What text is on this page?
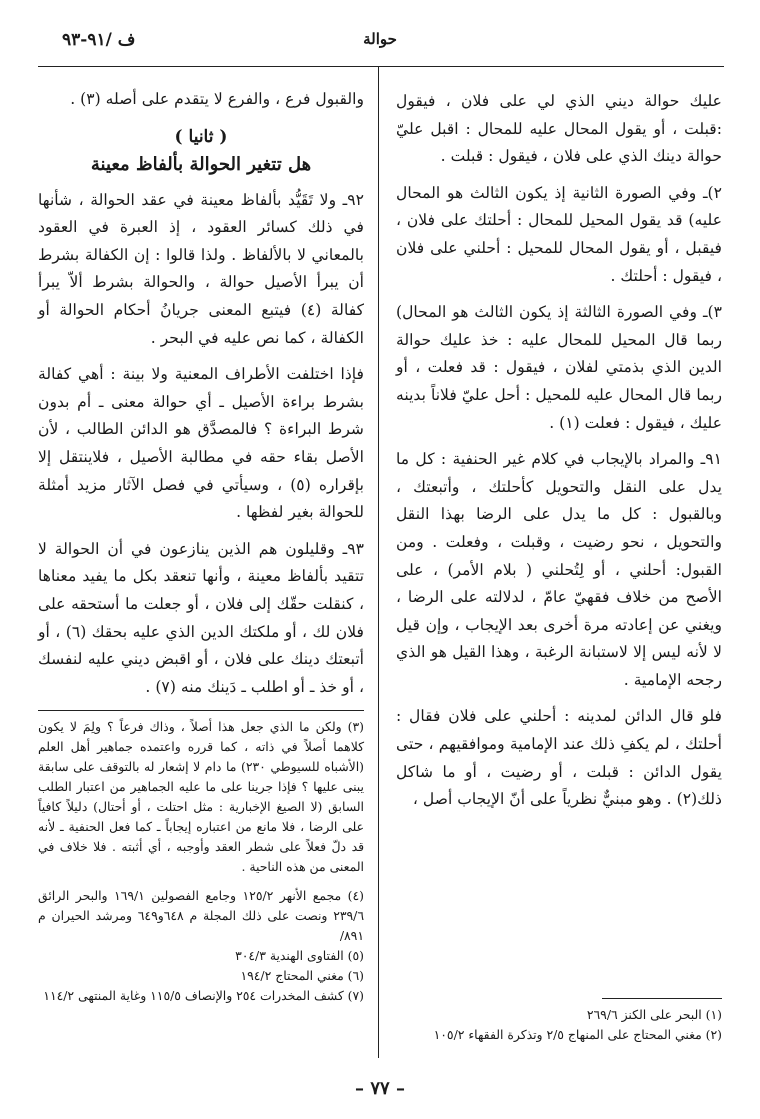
ف /٩١-٩٣	حوالة

عليك حوالة ديني الذي لي على فلان ، فيقول :قبلت ، أو يقول المحال عليه للمحال : اقبل عليّ حوالة دينك الذي على فلان ، فيقول : قبلت .

٢)ـ وفي الصورة الثانية إذ يكون الثالث هو المحال عليه) قد يقول المحيل للمحال : أحلتك على فلان ، فيقبل ، أو يقول المحال للمحيل : أحلني على فلان ، فيقول : أحلتك .

٣)ـ وفي الصورة الثالثة إذ يكون الثالث هو المحال) ربما قال المحيل للمحال عليه : خذ عليك حوالة الدين الذي بذمتي لفلان ، فيقول : قد فعلت ، أو ربما قال المحال عليه للمحيل : أحل عليّ فلاناً بدينه عليك ، فيقول : فعلت (١) .

٩١ـ والمراد بالإيجاب في كلام غير الحنفية : كل ما يدل على النقل والتحويل كأحلتك ، وأتبعتك ، وبالقبول : كل ما يدل على الرضا بهذا النقل والتحويل ، نحو رضيت ، وقبلت ، وفعلت . ومن القبول: أحلني ، أو لِتُحلني ( بلام الأمر) ، على الأصح من خلاف فقهيّ عامّ ، لدلالته على الرضا ، ويغني عن إعادته مرة أخرى بعد الإيجاب ، وإن قيل لا لأنه ليس إلا لاستبانة الرغبة ، وهذا القيل هو الذي رجحه الإمامية .

فلو قال الدائن لمدينه : أحلني على فلان فقال : أحلتك ، لم يكفِ ذلك عند الإمامية وموافقيهم ، حتى يقول الدائن : قبلت ، أو رضيت ، أو ما شاكل ذلك(٢) . وهو مبنيٌّ نظرياً على أنّ الإيجاب أصل ،

(١) البحر على الكنز ٢٦٩/٦
(٢) مغني المحتاج على المنهاج ٢/٥ وتذكرة الفقهاء ١٠٥/٢

والقبول فرع ، والفرع لا يتقدم على أصله (٣) .

( ثانيا )
هل تتغير الحوالة بألفاظ معينة

٩٢ـ ولا تَقَيُّد بألفاظ معينة في عقد الحوالة ، شأنها في ذلك كسائر العقود ، إذ العبرة في العقود بالمعاني لا بالألفاظ . ولذا قالوا : إن الكفالة بشرط أن يبرأ الأصيل حوالة ، والحوالة بشرط ألاّ يبرأ كفالة (٤) فيتبع المعنى جريانُ أحكام الحوالة أو الكفالة ، كما نص عليه في البحر .

فإذا اختلفت الأطراف المعنية ولا بينة : أهي كفالة بشرط براءة الأصيل ـ أي حوالة معنى ـ أم بدون شرط البراءة ؟ فالمصدَّق هو الدائن الطالب ، لأن الأصل بقاء حقه في مطالبة الأصيل ، فلاينتقل إلا بإقراره (٥) ، وسيأتي في فصل الآثار مزيد أمثلة للحوالة بغير لفظها .

٩٣ـ وقليلون هم الذين ينازعون في أن الحوالة لا تتقيد بألفاظ معينة ، وأنها تنعقد بكل ما يفيد معناها ، كنقلت حقّك إلى فلان ، أو جعلت ما أستحقه على فلان لك ، أو ملكتك الدين الذي عليه بحقك (٦) ، أو أتبعتك دينك على فلان ، أو اقبض ديني عليه لنفسك ، أو خذ ـ أو اطلب ـ دَينك منه (٧) .

(٣) ولكن ما الذي جعل هذا أصلاً ، وذاك فرعاً ؟ ولِمَ لا يكون كلاهما أصلاً في ذاته ، كما قرره واعتمده جماهير أهل العلم (الأشباه للسيوطي ٢٣٠) ما دام لا إشعار له بالتوقف على سابقة يبنى عليها ؟ فإذا جرينا على ما عليه الجماهير من اعتبار الطلب السابق (لا الصيغ الإخبارية : مثل احتلت ، أو أحتال) دليلاً كافياً على الرضا ، فلا مانع من اعتباره إيجاباً ـ كما فعل الحنفية ـ لأنه قد دلّ فعلاً على شطر العقد وأوجبه ، أي أثبته . فلا خلاف في المعنى من هذه الناحية .

(٤) مجمع الأنهر ١٢٥/٢ وجامع الفصولين ١٦٩/١ والبحر الرائق ٢٣٩/٦ ونصت على ذلك المجلة م ٦٤٨و٦٤٩ ومرشد الحيران م ٨٩١/
(٥) الفتاوى الهندية ٣٠٤/٣
(٦) مغني المحتاج ١٩٤/٢
(٧) كشف المخدرات ٢٥٤ والإنصاف ١١٥/٥ وغاية المنتهى ١١٤/٢
– ٧٧ –
